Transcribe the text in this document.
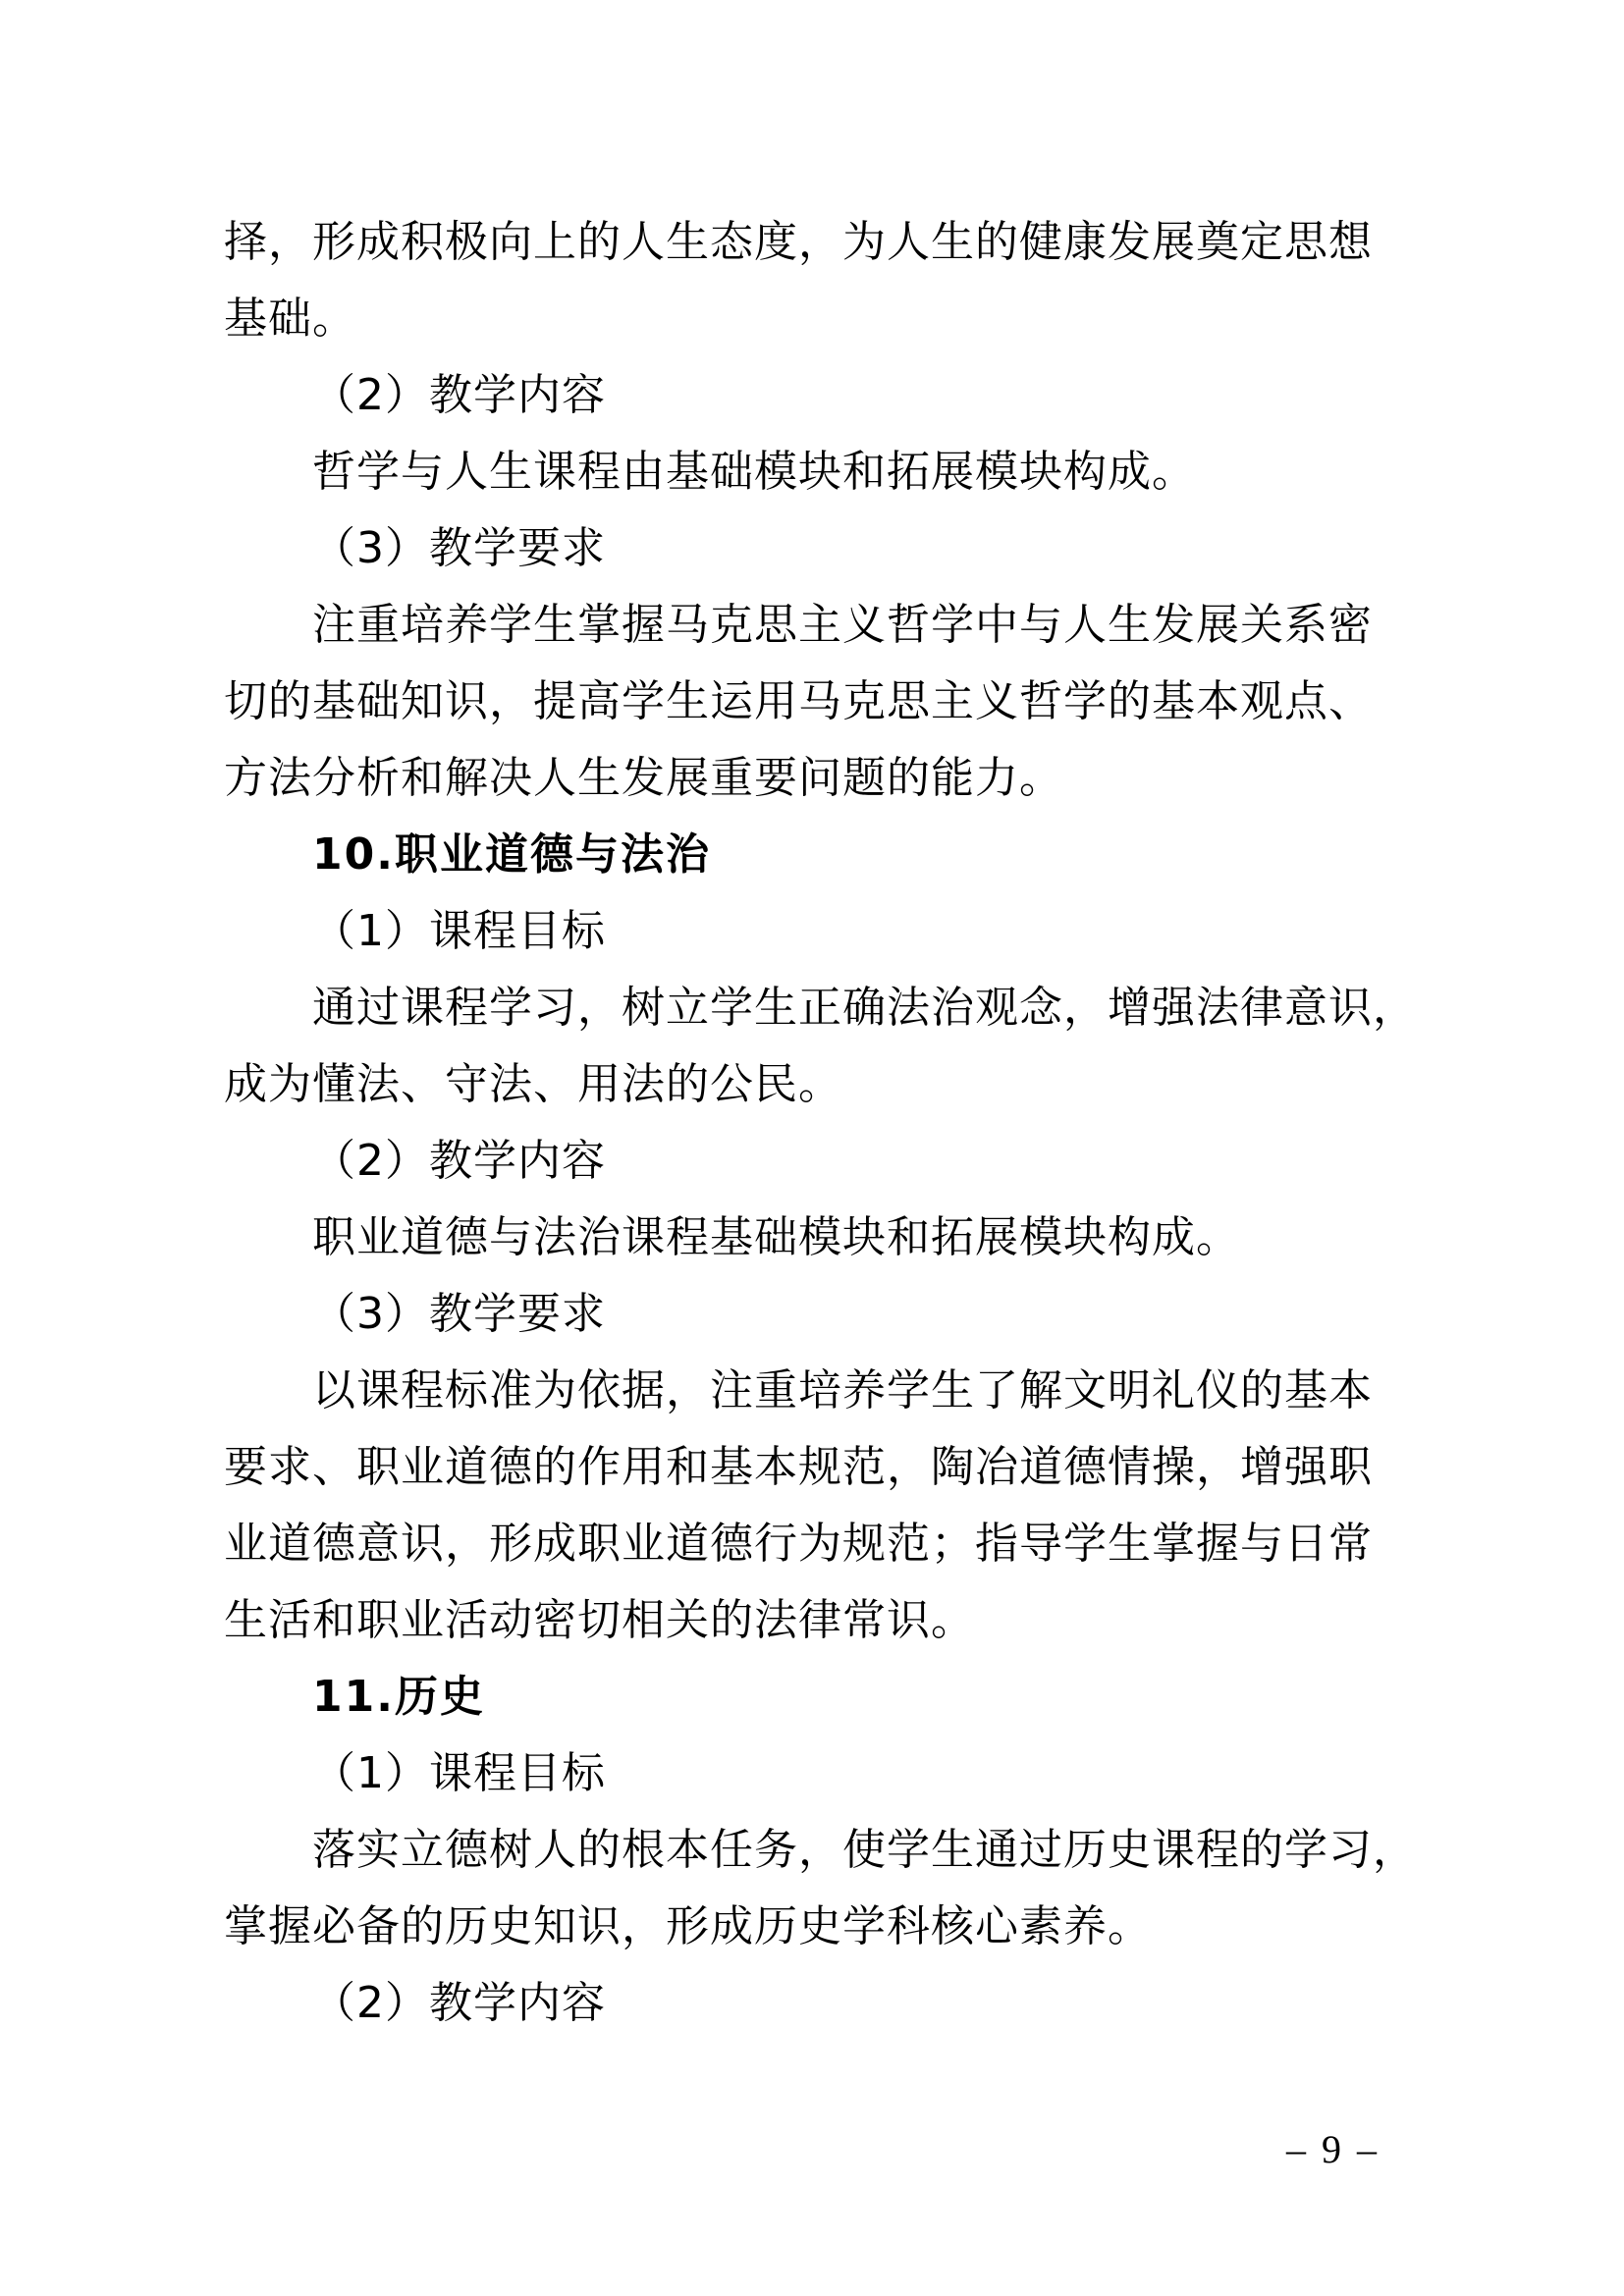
择，形成积极向上的人生态度，为人生的健康发展奠定思想
基础。
（2）教学内容
哲学与人生课程由基础模块和拓展模块构成。
（3）教学要求
注重培养学生掌握马克思主义哲学中与人生发展关系密
切的基础知识，提高学生运用马克思主义哲学的基本观点、
方法分析和解决人生发展重要问题的能力。
10.职业道德与法治
（1）课程目标
通过课程学习，树立学生正确法治观念，增强法律意识，
成为懂法、守法、用法的公民。
（2）教学内容
职业道德与法治课程基础模块和拓展模块构成。
（3）教学要求
以课程标准为依据，注重培养学生了解文明礼仪的基本
要求、职业道德的作用和基本规范，陶冶道德情操，增强职
业道德意识，形成职业道德行为规范；指导学生掌握与日常
生活和职业活动密切相关的法律常识。
11.历史
（1）课程目标
落实立德树人的根本任务，使学生通过历史课程的学习，
掌握必备的历史知识，形成历史学科核心素养。
（2）教学内容
– 9 –
